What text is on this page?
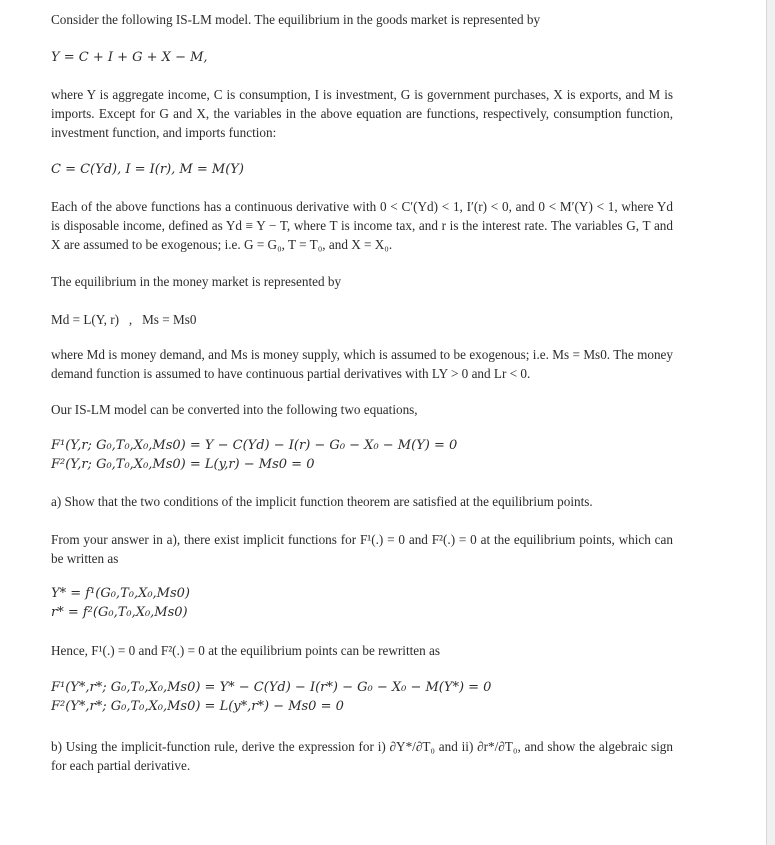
Consider the following IS-LM model. The equilibrium in the goods market is represented by
Y = C + I + G + X − M,
where Y is aggregate income, C is consumption, I is investment, G is government purchases, X is exports, and M is imports. Except for G and X, the variables in the above equation are functions, respectively, consumption function, investment function, and imports function:
C = C(Yd), I = I(r), M = M(Y)
Each of the above functions has a continuous derivative with 0 < C′(Yd) < 1, I′(r) < 0, and 0 < M′(Y) < 1, where Yd is disposable income, defined as Yd ≡ Y − T, where T is income tax, and r is the interest rate. The variables G, T and X are assumed to be exogenous; i.e. G = G₀, T = T₀, and X = X₀.
The equilibrium in the money market is represented by
Md = L(Y, r)   ,   Ms = Ms0
where Md is money demand, and Ms is money supply, which is assumed to be exogenous; i.e. Ms = Ms0. The money demand function is assumed to have continuous partial derivatives with LY > 0 and Lr < 0.
Our IS-LM model can be converted into the following two equations,
F¹(Y,r; G₀,T₀,X₀,Ms0) = Y − C(Yd) − I(r) − G₀ − X₀ − M(Y) = 0
F²(Y,r; G₀,T₀,X₀,Ms0) = L(y,r) − Ms0 = 0
a) Show that the two conditions of the implicit function theorem are satisfied at the equilibrium points.
From your answer in a), there exist implicit functions for F¹(.) = 0 and F²(.) = 0 at the equilibrium points, which can be written as
Y* = f¹(G₀,T₀,X₀,Ms0)
r* = f²(G₀,T₀,X₀,Ms0)
Hence, F¹(.) = 0 and F²(.) = 0 at the equilibrium points can be rewritten as
F¹(Y*,r*; G₀,T₀,X₀,Ms0) = Y* − C(Yd) − I(r*) − G₀ − X₀ − M(Y*) = 0
F²(Y*,r*; G₀,T₀,X₀,Ms0) = L(y*,r*) − Ms0 = 0
b) Using the implicit-function rule, derive the expression for i) ∂Y*/∂T₀ and ii) ∂r*/∂T₀, and show the algebraic sign for each partial derivative.
